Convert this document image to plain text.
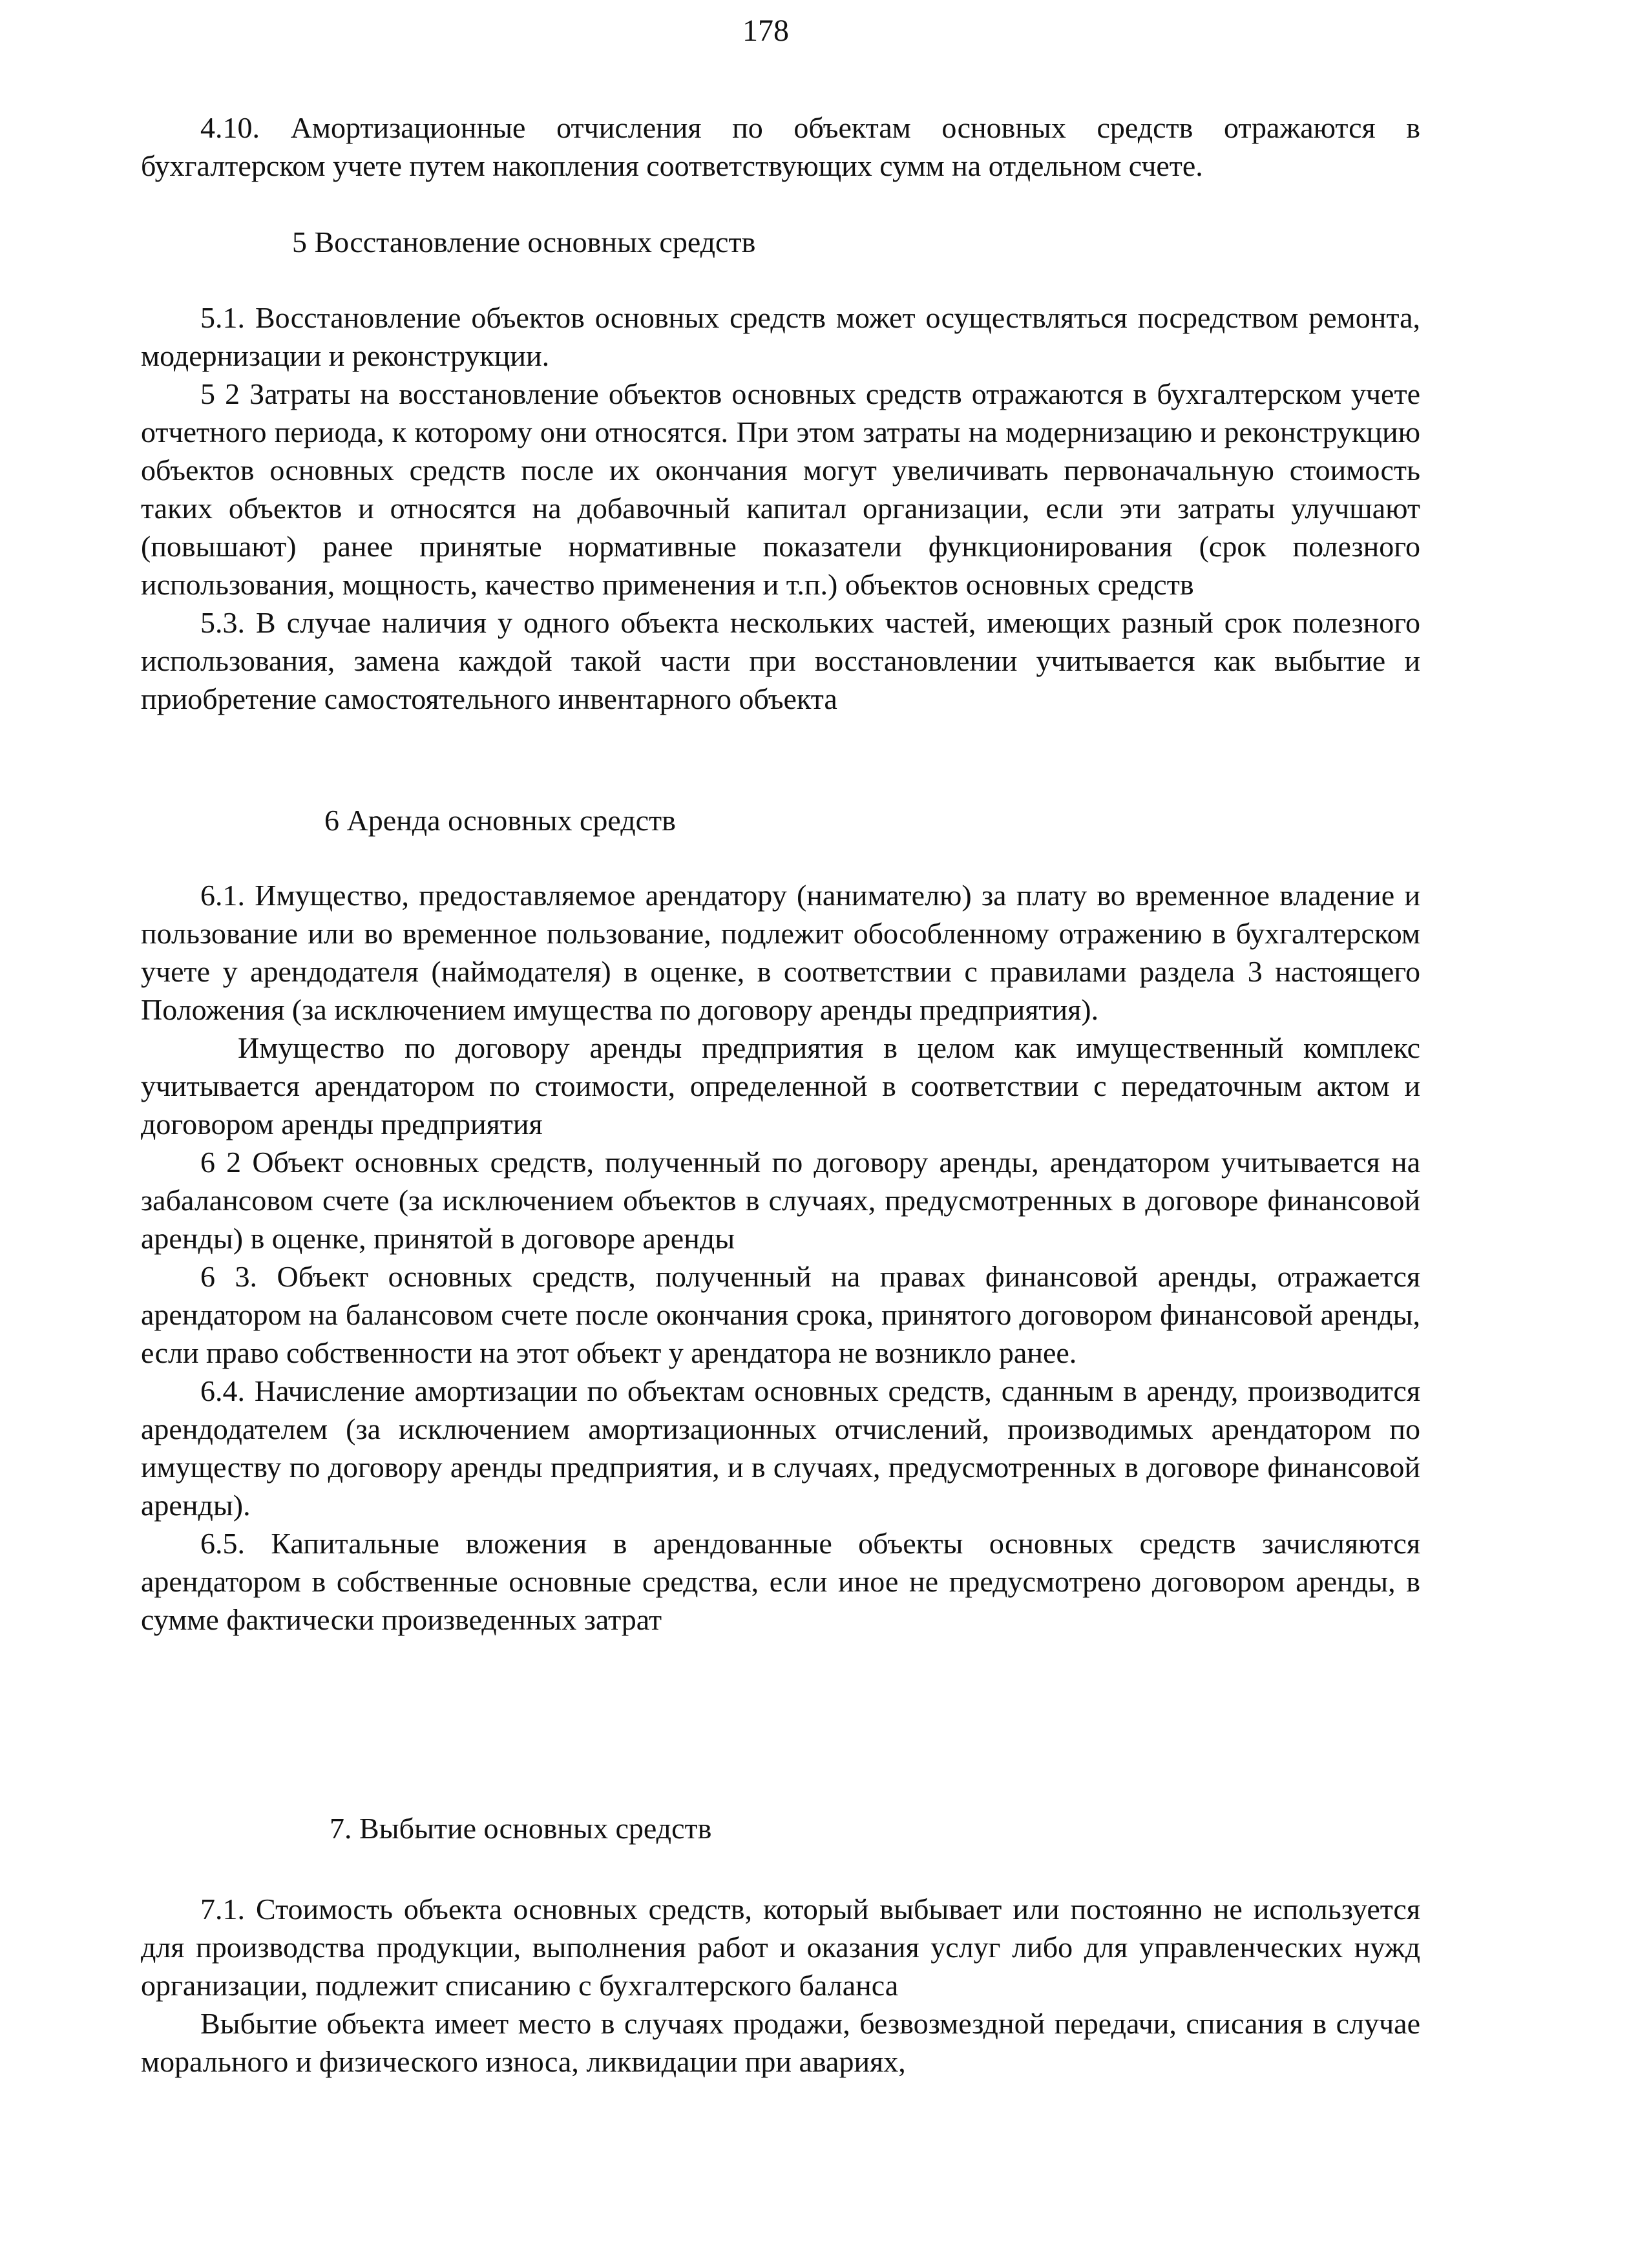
178

4.10. Амортизационные отчисления по объектам основных средств отражаются в бухгалтерском учете путем накопления соответствующих сумм на отдельном счете.

5 Восстановление основных средств

5.1. Восстановление объектов основных средств может осуществляться посредством ремонта, модернизации и реконструкции.

5 2 Затраты на восстановление объектов основных средств отражаются в бухгалтерском учете отчетного периода, к которому они относятся. При этом затраты на модернизацию и реконструкцию объектов основных средств после их окончания могут увеличивать первоначальную стоимость таких объектов и относятся на добавочный капитал организации, если эти затраты улучшают (повышают) ранее принятые нормативные показатели функционирования (срок полезного использования, мощность, качество применения и т.п.) объектов основных средств

5.3. В случае наличия у одного объекта нескольких частей, имеющих разный срок полезного использования, замена каждой такой части при восстановлении учитывается как выбытие и приобретение самостоятельного инвентарного объекта

6 Аренда основных средств

6.1. Имущество, предоставляемое арендатору (нанимателю) за плату во временное владение и пользование или во временное пользование, подлежит обособленному отражению в бухгалтерском учете у арендодателя (наймодателя) в оценке, в соответствии с правилами раздела 3 настоящего Положения (за исключением имущества по договору аренды предприятия).

Имущество по договору аренды предприятия в целом как имущественный комплекс учитывается арендатором по стоимости, определенной в соответствии с передаточным актом и договором аренды предприятия

6 2 Объект основных средств, полученный по договору аренды, арендатором учитывается на забалансовом счете (за исключением объектов в случаях, предусмотренных в договоре финансовой аренды) в оценке, принятой в договоре аренды

6 3. Объект основных средств, полученный на правах финансовой аренды, отражается арендатором на балансовом счете после окончания срока, принятого договором финансовой аренды, если право собственности на этот объект у арендатора не возникло ранее.

6.4. Начисление амортизации по объектам основных средств, сданным в аренду, производится арендодателем (за исключением амортизационных отчислений, производимых арендатором по имуществу по договору аренды предприятия, и в случаях, предусмотренных в договоре финансовой аренды).

6.5. Капитальные вложения в арендованные объекты основных средств зачисляются арендатором в собственные основные средства, если иное не предусмотрено договором аренды, в сумме фактически произведенных затрат

7. Выбытие основных средств

7.1. Стоимость объекта основных средств, который выбывает или постоянно не используется для производства продукции, выполнения работ и оказания услуг либо для управленческих нужд организации, подлежит списанию с бухгалтерского баланса

Выбытие объекта имеет место в случаях продажи, безвозмездной передачи, списания в случае морального и физического износа, ликвидации при авариях,
